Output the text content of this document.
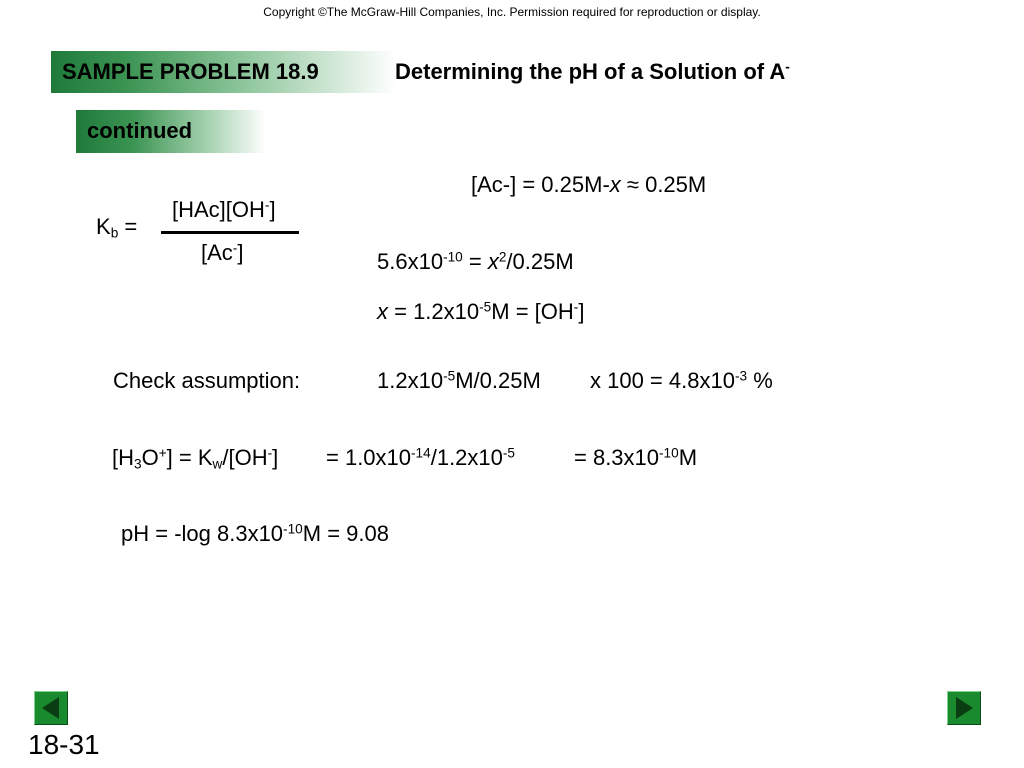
Copyright ©The McGraw-Hill Companies, Inc. Permission required for reproduction or display.
SAMPLE PROBLEM 18.9	Determining the pH of a Solution of A-
continued
$K_b$ =
[HAc][OH-]
[Ac-]
[Ac-] = 0.25M-x ≈ 0.25M
$5.6x10^{-10} = x^2/0.25M$
$x = 1.2x10^{-5}M = [OH^-]$
Check assumption:	$1.2x10^{-5}M/0.25M$ x $100 = 4.8x10^{-3}$ %
$[H_3O^+] = K_w/[OH^-] = 1.0x10^{-14}/1.2x10^{-5}$	= $8.3x10^{-10}M$
pH = -log $8.3x10^{-10}M = 9.08$
18-31
